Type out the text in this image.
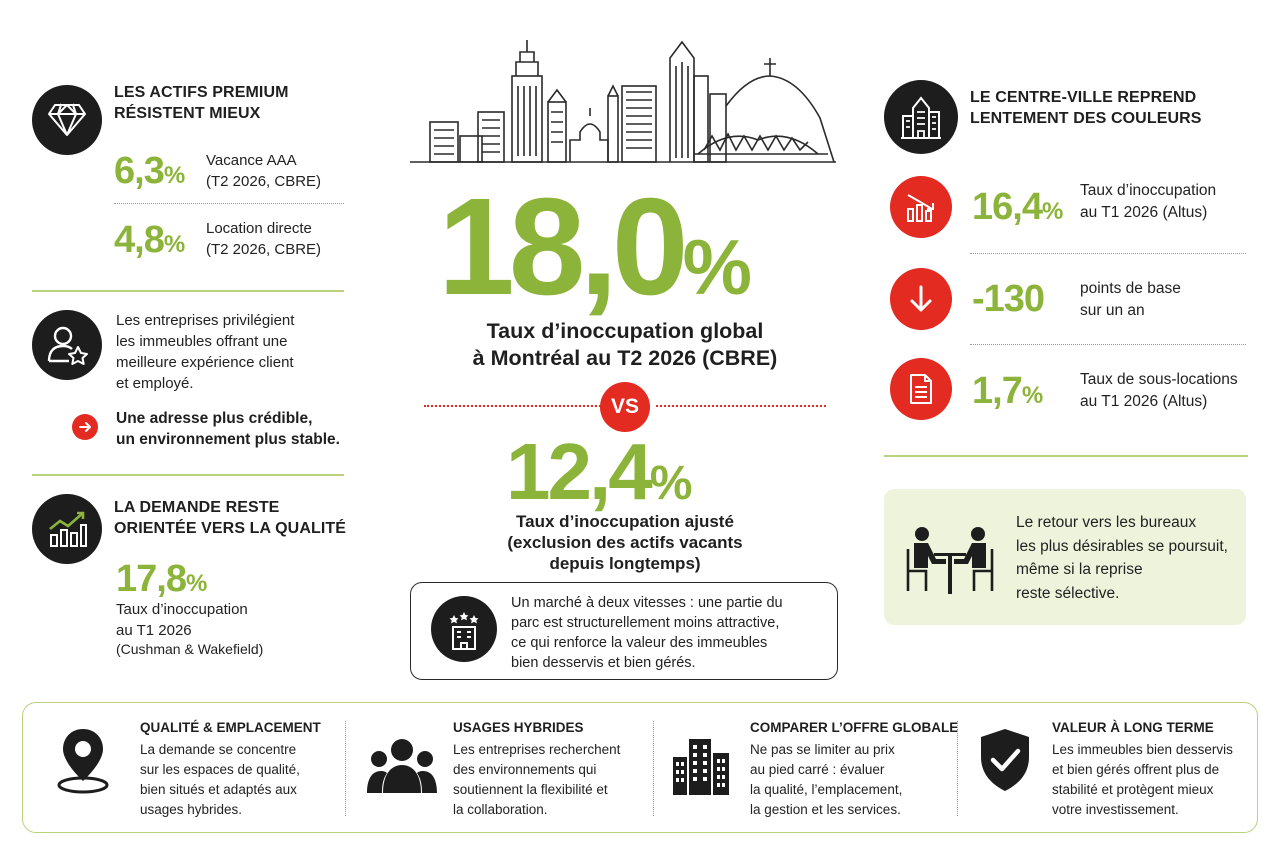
LES ACTIFS PREMIUM
RÉSISTENT MIEUX
6,3%
Vacance AAA
(T2 2026, CBRE)
4,8%
Location directe
(T2 2026, CBRE)
Les entreprises privilégient
les immeubles offrant une
meilleure expérience client
et employé.
Une adresse plus crédible,
un environnement plus stable.
LA DEMANDE RESTE
ORIENTÉE VERS LA QUALITÉ
17,8%
Taux d’inoccupation
au T1 2026
(Cushman & Wakefield)
18,0%
Taux d’inoccupation global
à Montréal au T2 2026 (CBRE)
VS
12,4%
Taux d’inoccupation ajusté
(exclusion des actifs vacants
depuis longtemps)
Un marché à deux vitesses : une partie du
parc est structurellement moins attractive,
ce qui renforce la valeur des immeubles
bien desservis et bien gérés.
LE CENTRE-VILLE REPREND
LENTEMENT DES COULEURS
16,4%
Taux d’inoccupation
au T1 2026 (Altus)
-130 points de base
sur un an
1,7%
Taux de sous-locations
au T1 2026 (Altus)
Le retour vers les bureaux
les plus désirables se poursuit,
même si la reprise
reste sélective.
QUALITÉ & EMPLACEMENT
La demande se concentre
sur les espaces de qualité,
bien situés et adaptés aux
usages hybrides.
USAGES HYBRIDES
Les entreprises recherchent
des environnements qui
soutiennent la flexibilité et
la collaboration.
COMPARER L’OFFRE GLOBALE
Ne pas se limiter au prix
au pied carré : évaluer
la qualité, l’emplacement,
la gestion et les services.
VALEUR À LONG TERME
Les immeubles bien desservis
et bien gérés offrent plus de
stabilité et protègent mieux
votre investissement.
